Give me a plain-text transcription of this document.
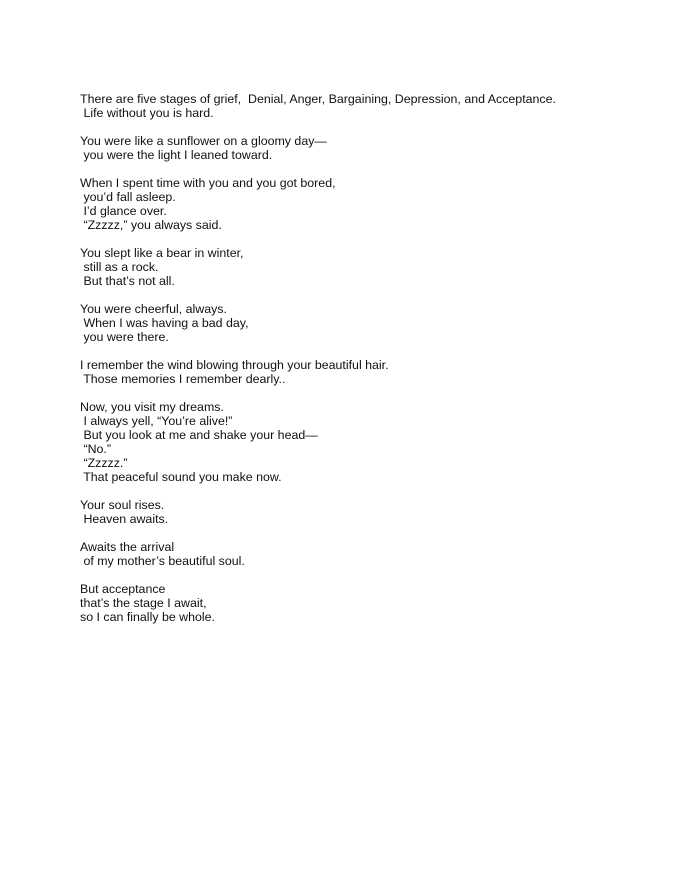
There are five stages of grief,  Denial, Anger, Bargaining, Depression, and Acceptance.
Life without you is hard.
You were like a sunflower on a gloomy day—
you were the light I leaned toward.
When I spent time with you and you got bored,
you’d fall asleep.
I’d glance over.
“Zzzzz,” you always said.
You slept like a bear in winter,
still as a rock.
But that’s not all.
You were cheerful, always.
When I was having a bad day,
you were there.
I remember the wind blowing through your beautiful hair.
Those memories I remember dearly..
Now, you visit my dreams.
I always yell, “You’re alive!”
But you look at me and shake your head—
“No.”
“Zzzzz.”
That peaceful sound you make now.
Your soul rises.
Heaven awaits.
Awaits the arrival
of my mother’s beautiful soul.
But acceptance
that’s the stage I await,
so I can finally be whole.
